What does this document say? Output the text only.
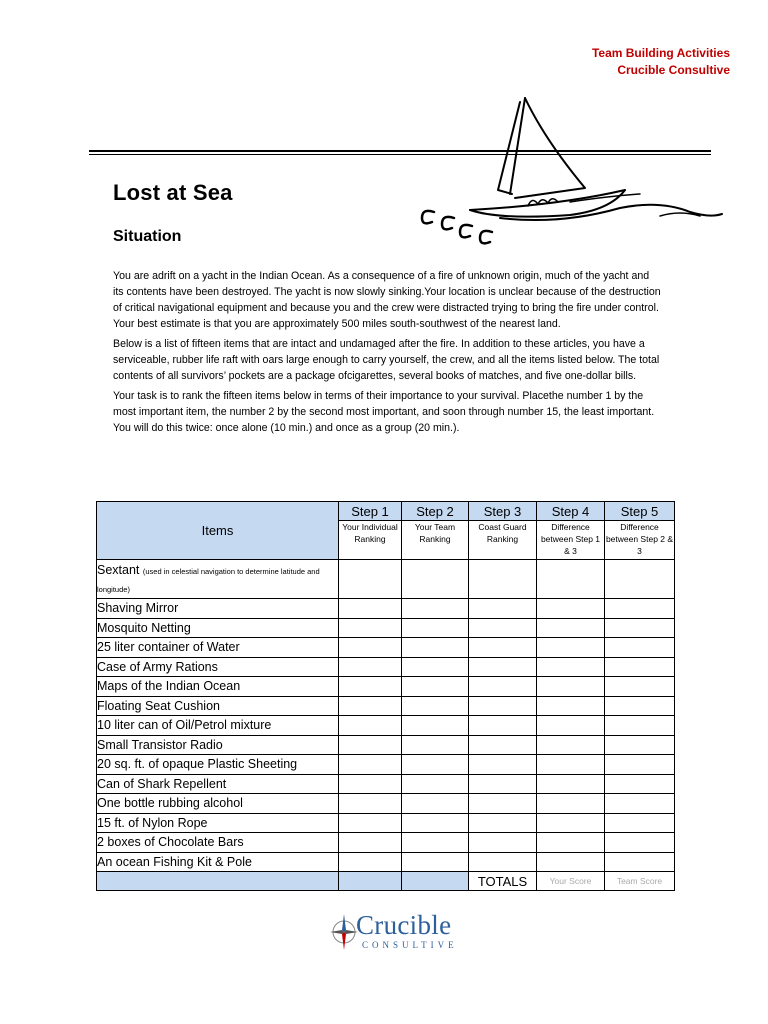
Team Building Activities
Crucible Consultive
Lost at Sea
Situation

You are adrift on a yacht in the Indian Ocean. As a consequence of a fire of unknown origin, much of the yacht and its contents have been destroyed. The yacht is now slowly sinking.Your location is unclear because of the destruction of critical navigational equipment and because you and the crew were distracted trying to bring the fire under control. Your best estimate is that you are approximately 500 miles south-southwest of the nearest land.

Below is a list of fifteen items that are intact and undamaged after the fire. In addition to these articles, you have a serviceable, rubber life raft with oars large enough to carry yourself, the crew, and all the items listed below. The total contents of all survivors’ pockets are a package ofcigarettes, several books of matches, and five one-dollar bills.

Your task is to rank the fifteen items below in terms of their importance to your survival. Placethe number 1 by the most important item, the number 2 by the second most important, and soon through number 15, the least important. You will do this twice: once alone (10 min.) and once as a group (20 min.).

Items	Step 1	Step 2	Step 3	Step 4	Step 5
	Your Individual Ranking	Your Team Ranking	Coast Guard Ranking	Difference between Step 1 & 3	Difference between Step 2 & 3
Sextant (used in celestial navigation to determine latitude and longitude)					
Shaving Mirror					
Mosquito Netting					
25 liter container of Water					
Case of Army Rations					
Maps of the Indian Ocean					
Floating Seat Cushion					
10 liter can of Oil/Petrol mixture					
Small Transistor Radio					
20 sq. ft. of opaque Plastic Sheeting					
Can of Shark Repellent					
One bottle rubbing alcohol					
15 ft. of Nylon Rope					
2 boxes of Chocolate Bars					
An ocean Fishing Kit & Pole					
			TOTALS	Your Score	Team Score
Crucible
CONSULTIVE
